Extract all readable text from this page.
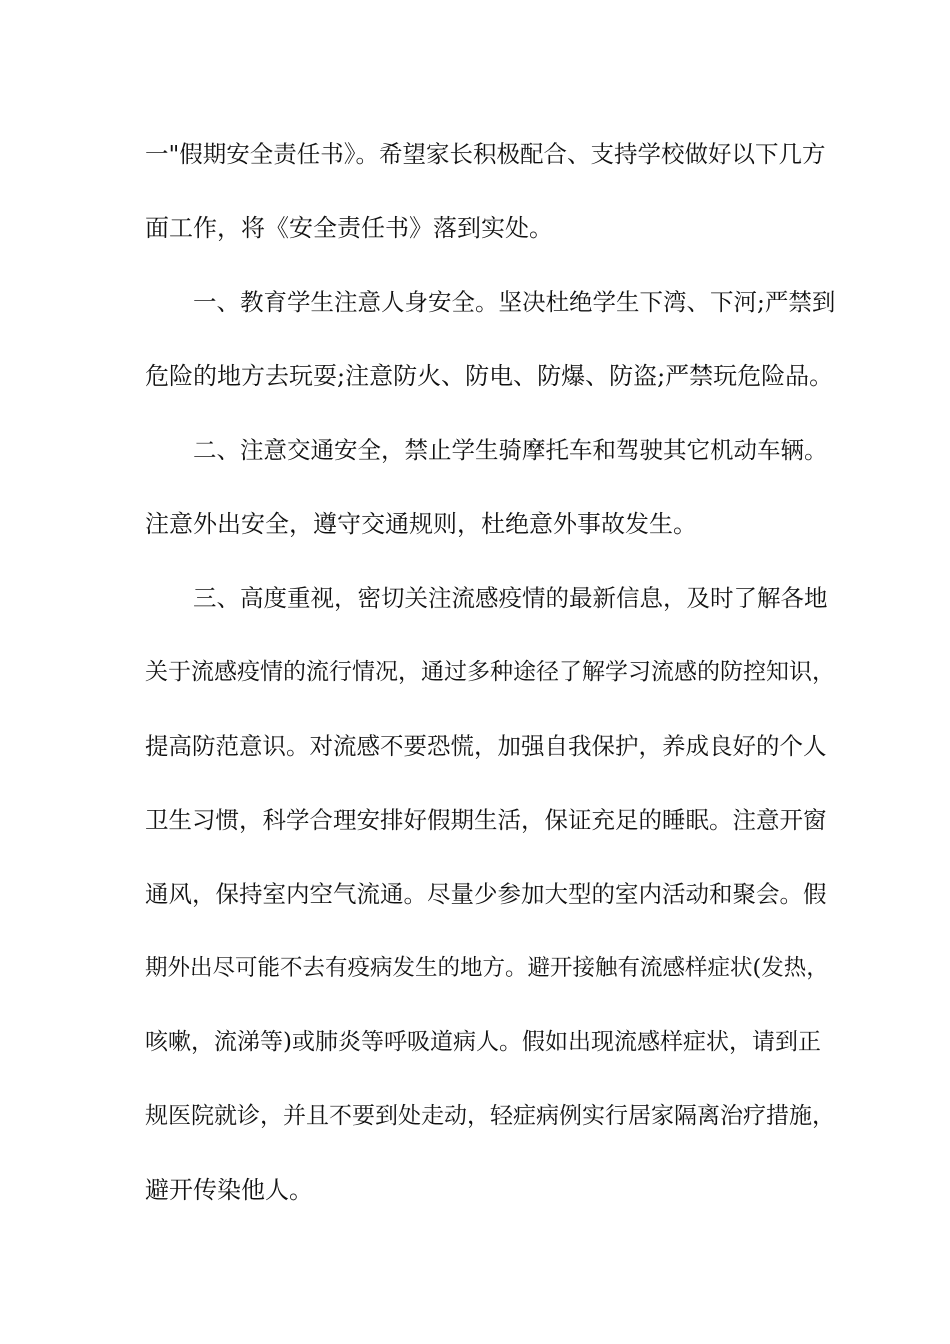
一"假期安全责任书》。希望家长积极配合、支持学校做好以下几方
面工作，将《安全责任书》落到实处。
一、教育学生注意人身安全。坚决杜绝学生下湾、下河;严禁到
危险的地方去玩耍;注意防火、防电、防爆、防盗;严禁玩危险品。
二、注意交通安全，禁止学生骑摩托车和驾驶其它机动车辆。
注意外出安全，遵守交通规则，杜绝意外事故发生。
三、高度重视，密切关注流感疫情的最新信息，及时了解各地
关于流感疫情的流行情况，通过多种途径了解学习流感的防控知识，
提高防范意识。对流感不要恐慌，加强自我保护，养成良好的个人
卫生习惯，科学合理安排好假期生活，保证充足的睡眠。注意开窗
通风，保持室内空气流通。尽量少参加大型的室内活动和聚会。假
期外出尽可能不去有疫病发生的地方。避开接触有流感样症状(发热，
咳嗽，流涕等)或肺炎等呼吸道病人。假如出现流感样症状，请到正
规医院就诊，并且不要到处走动，轻症病例实行居家隔离治疗措施，
避开传染他人。
